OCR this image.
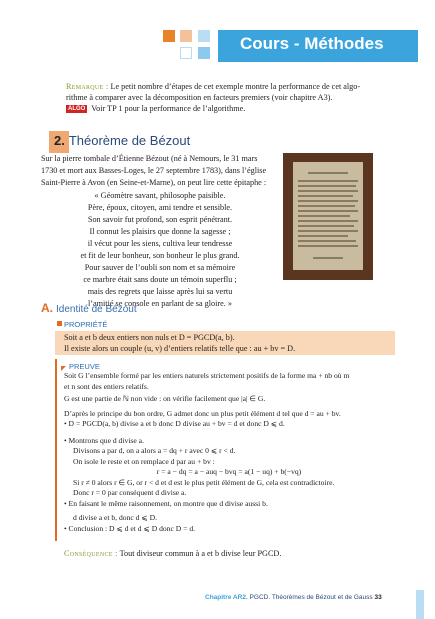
Cours - Méthodes
Remarque : Le petit nombre d’étapes de cet exemple montre la performance de cet algo-
rithme à comparer avec la décomposition en facteurs premiers (voir chapitre A3).
ALGO Voir TP 1 pour la performance de l’algorithme.
2. Théorème de Bézout
Sur la pierre tombale d’Étienne Bézout (né à Nemours, le 31 mars
1730 et mort aux Basses-Loges, le 27 septembre 1783), dans l’église
Saint-Pierre à Avon (en Seine-et-Marne), on peut lire cette épitaphe :
« Géomètre savant, philosophe paisible.
Père, époux, citoyen, ami tendre et sensible.
Son savoir fut profond, son esprit pénétrant.
Il connut les plaisirs que donne la sagesse ;
il vécut pour les siens, cultiva leur tendresse
et fit de leur bonheur, son bonheur le plus grand.
Pour sauver de l’oubli son nom et sa mémoire
ce marbre était sans doute un témoin superflu ;
mais des regrets que laisse après lui sa vertu
l’amitié se console en parlant de sa gloire. »
A. Identité de Bézout
PROPRIÉTÉ
Soit a et b deux entiers non nuls et D = PGCD(a, b).
Il existe alors un couple (u, v) d’entiers relatifs telle que : au + bv = D.
PREUVE
Soit G l’ensemble formé par les entiers naturels strictement positifs de la forme ma + nb où m
et n sont des entiers relatifs.
G est une partie de ℕ non vide : on vérifie facilement que |a| ∈ G.
D’après le principe du bon ordre, G admet donc un plus petit élément d tel que d = au + bv.
• D = PGCD(a, b) divise a et b donc D divise au + bv = d et donc D ⩽ d.
• Montrons que d divise a.
Divisons a par d, on a alors a = dq + r avec 0 ⩽ r < d.
On isole le reste et on remplace d par au + bv :
r = a − dq = a − auq − bvq = a(1 − uq) + b(−vq)
Si r ≠ 0 alors r ∈ G, or r < d et d est le plus petit élément de G, cela est contradictoire.
Donc r = 0 par conséquent d divise a.
• En faisant le même raisonnement, on montre que d divise aussi b.
d divise a et b, donc d ⩽ D.
• Conclusion : D ⩽ d et d ⩽ D donc D = d.
Conséquence : Tout diviseur commun à a et b divise leur PGCD.
Chapitre AR2. PGCD. Théorèmes de Bézout et de Gauss 33
